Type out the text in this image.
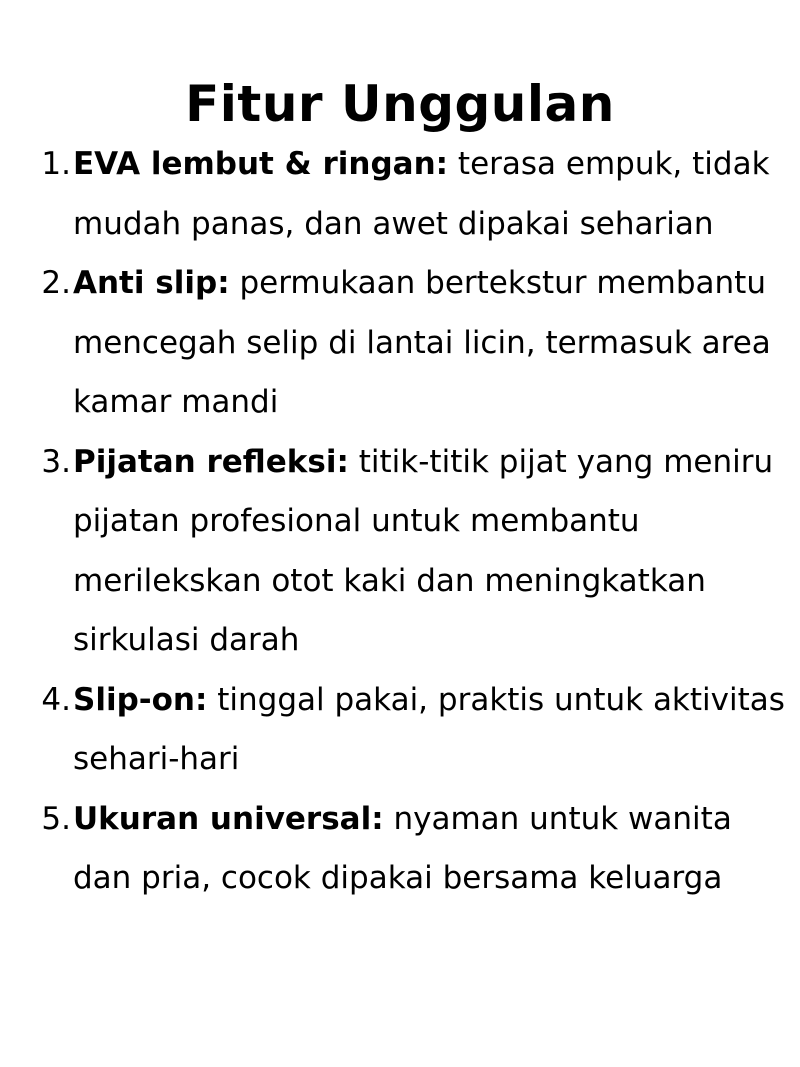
Fitur Unggulan
1. EVA lembut & ringan: terasa empuk, tidak mudah panas, dan awet dipakai seharian
2. Anti slip: permukaan bertekstur membantu mencegah selip di lantai licin, termasuk area kamar mandi
3. Pijatan refleksi: titik-titik pijat yang meniru pijatan profesional untuk membantu merilekskan otot kaki dan meningkatkan sirkulasi darah
4. Slip-on: tinggal pakai, praktis untuk aktivitas sehari-hari
5. Ukuran universal: nyaman untuk wanita dan pria, cocok dipakai bersama keluarga
